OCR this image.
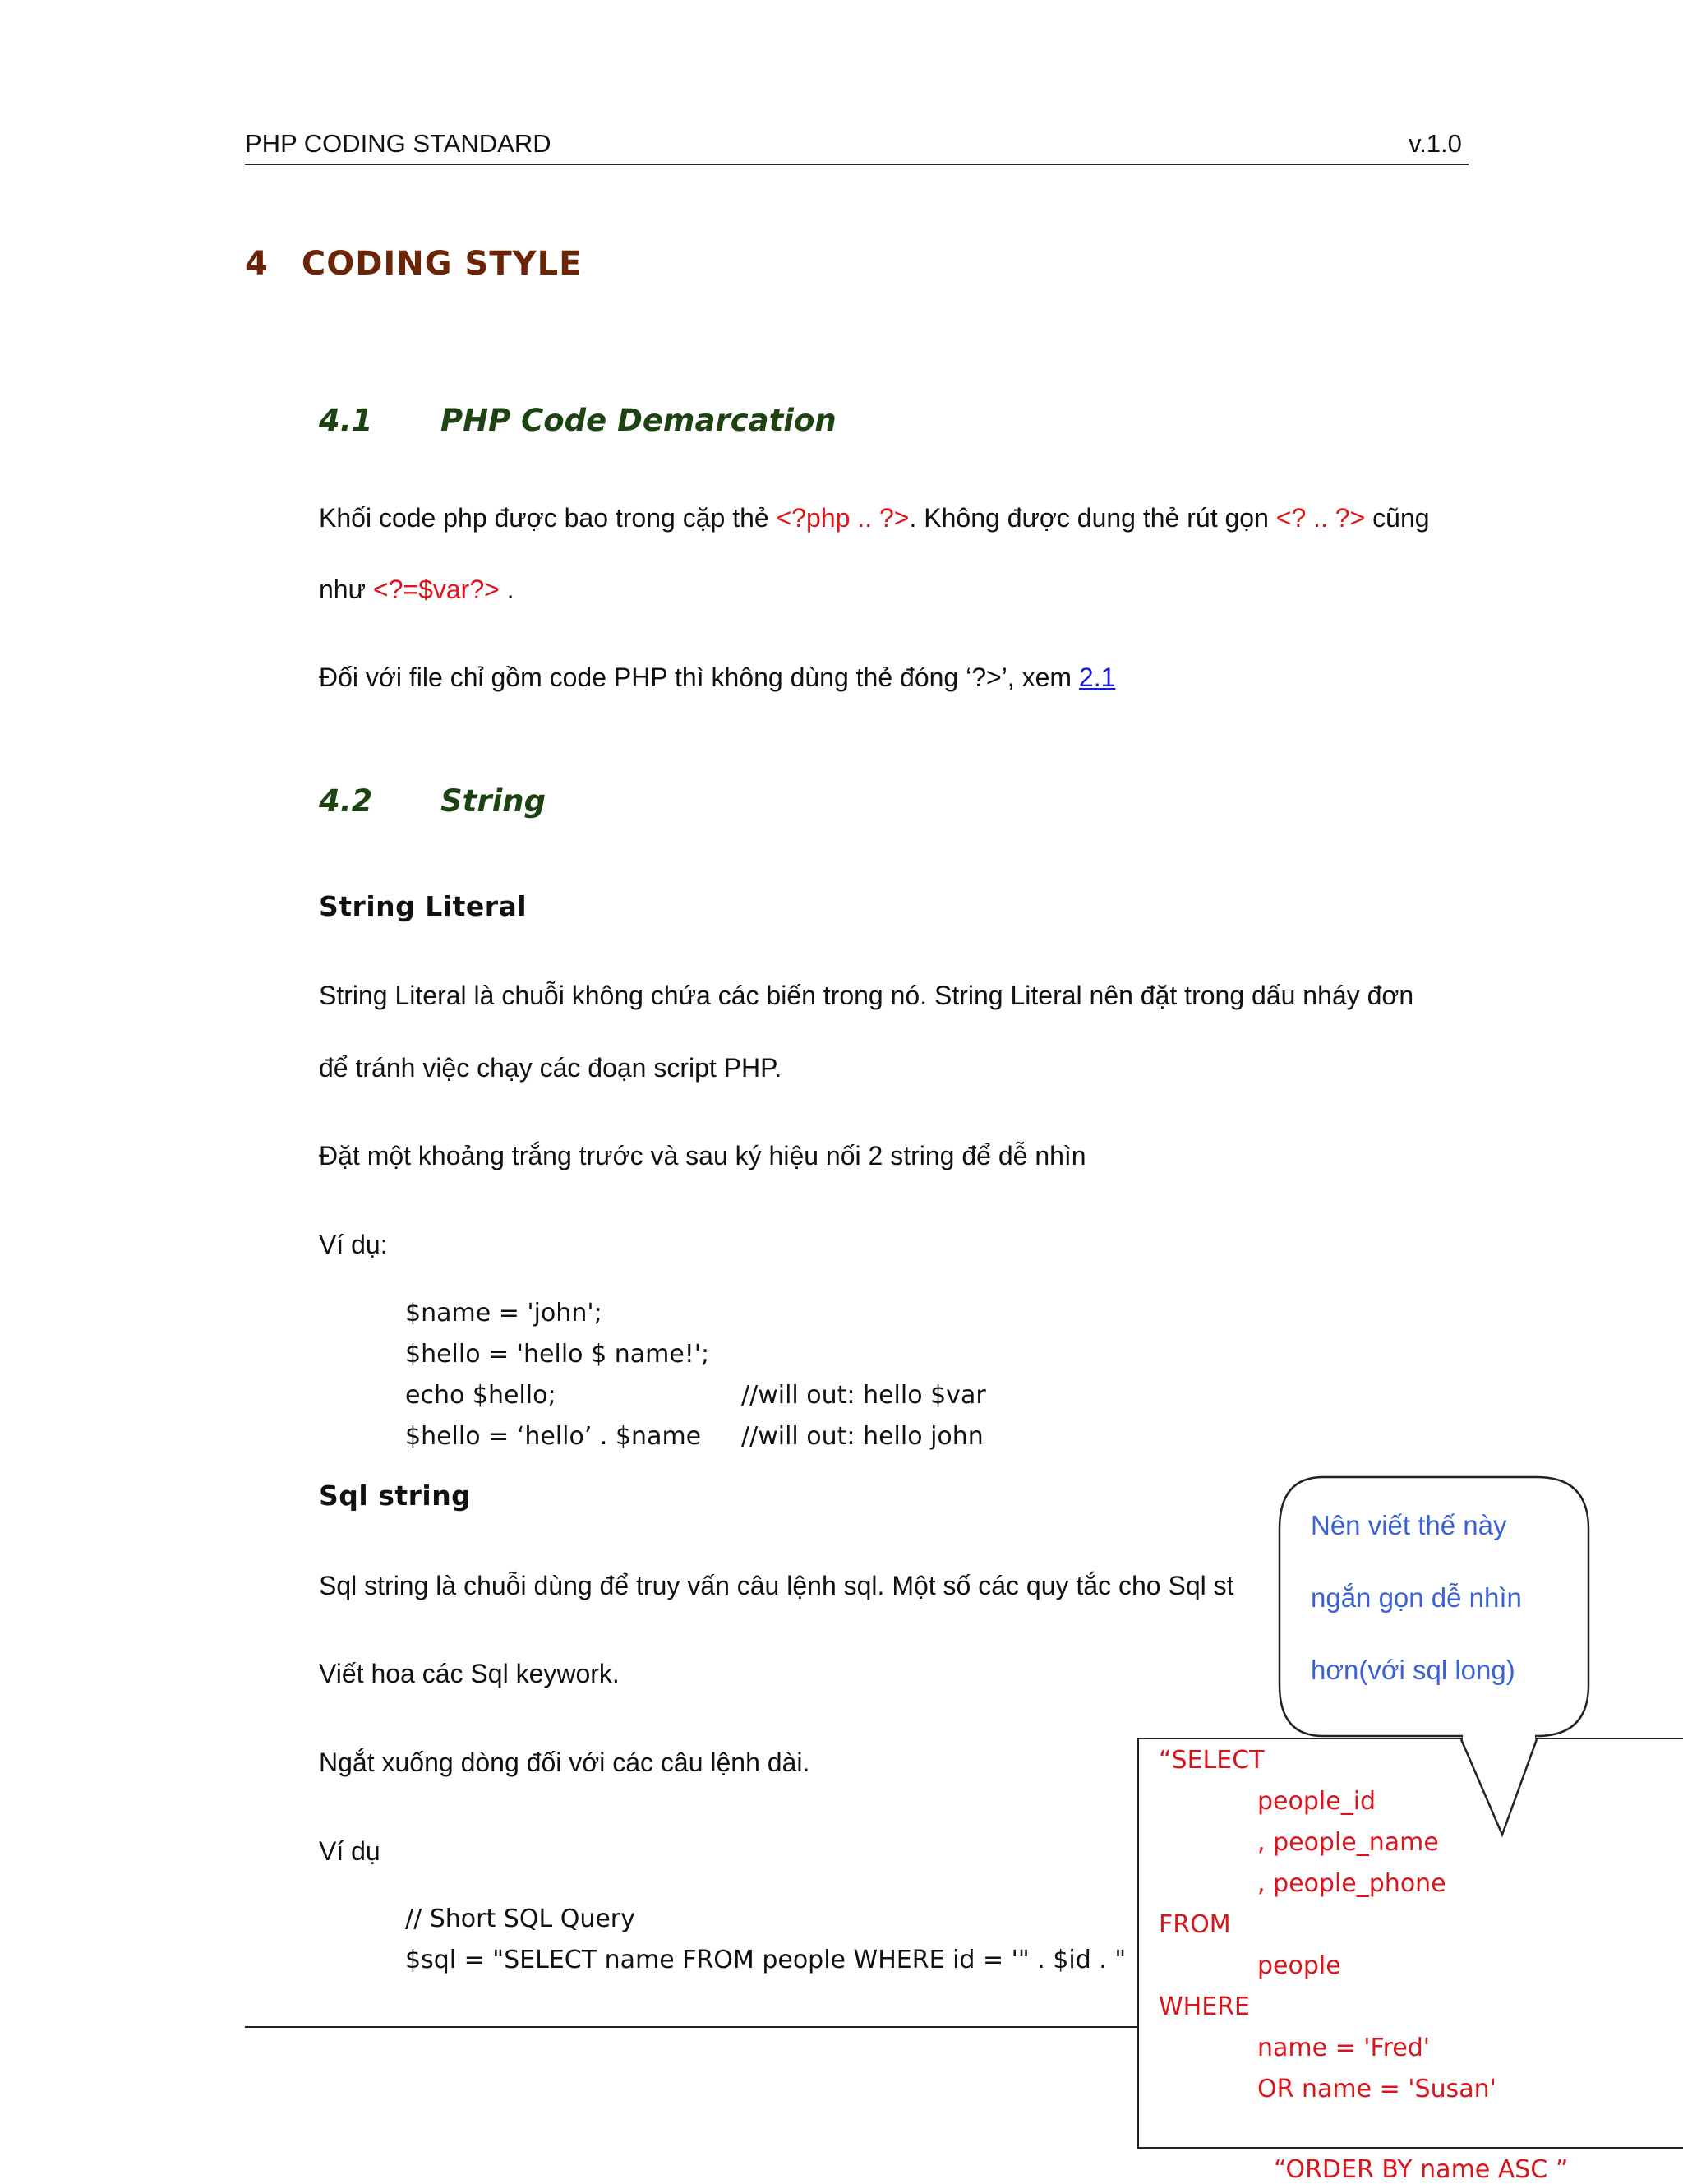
PHP CODING STANDARD	v.1.0
4 CODING STYLE
4.1 PHP Code Demarcation
Khối code php được bao trong cặp thẻ <?php .. ?>. Không được dung thẻ rút gọn <? .. ?> cũng
như <?=$var?> .
Đối với file chỉ gồm code PHP thì không dùng thẻ đóng ‘?>’, xem 2.1
4.2 String
String Literal
String Literal là chuỗi không chứa các biến trong nó. String Literal nên đặt trong dấu nháy đơn
để tránh việc chạy các đoạn script PHP.
Đặt một khoảng trắng trước và sau ký hiệu nối 2 string để dễ nhìn
Ví dụ:
$name = 'john';
$hello = 'hello $ name!';
echo $hello;	//will out: hello $var
$hello = ‘hello’ . $name //will out: hello john
Sql string
Sql string là chuỗi dùng để truy vấn câu lệnh sql. Một số các quy tắc cho Sql st
Viết hoa các Sql keywork.
Ngắt xuống dòng đối với các câu lệnh dài.
Ví dụ
// Short SQL Query
$sql = "SELECT name FROM people WHERE id = '" . $id . "
Nên viết thế này
ngắn gọn dễ nhìn
hơn(với sql long)
“SELECT
people_id
, people_name
, people_phone
FROM
people
WHERE
name = 'Fred'
OR name = 'Susan'
“ORDER BY name ASC ”
